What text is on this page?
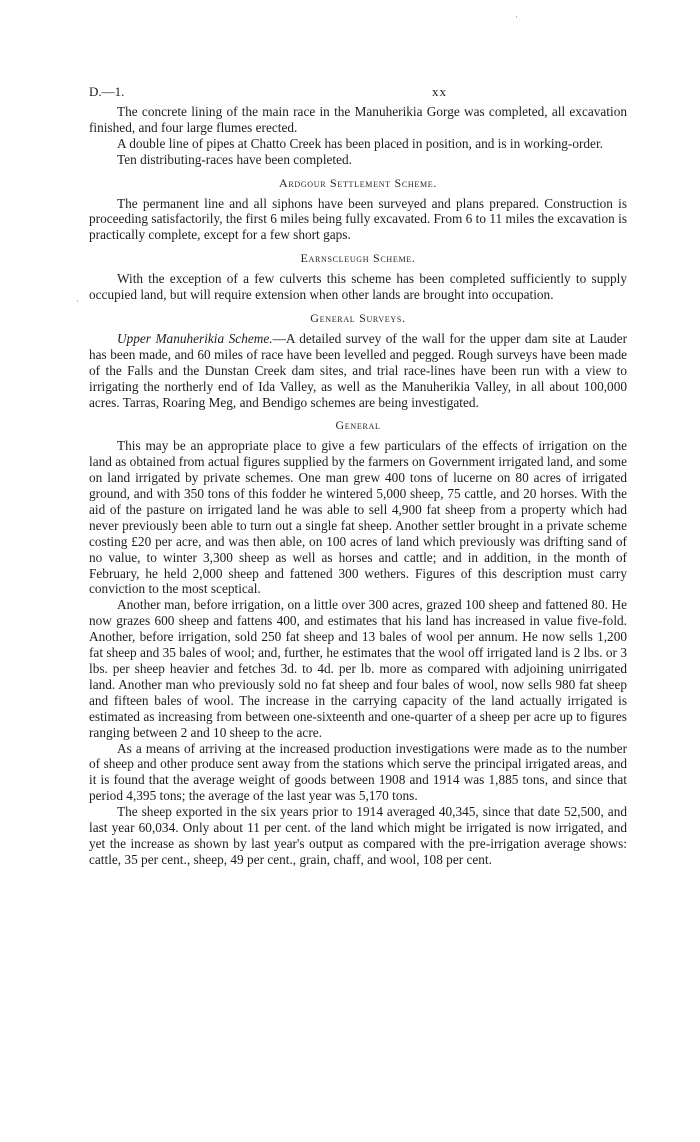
·
·
D.—1.	xx

The concrete lining of the main race in the Manuherikia Gorge was completed, all excavation finished, and four large flumes erected.

A double line of pipes at Chatto Creek has been placed in position, and is in working-order.

Ten distributing-races have been completed.

Ardgour Settlement Scheme.

The permanent line and all siphons have been surveyed and plans prepared. Construction is proceeding satisfactorily, the first 6 miles being fully excavated. From 6 to 11 miles the excavation is practically complete, except for a few short gaps.

Earnscleugh Scheme.

With the exception of a few culverts this scheme has been completed sufficiently to supply occupied land, but will require extension when other lands are brought into occupation.

General Surveys.

Upper Manuherikia Scheme.—A detailed survey of the wall for the upper dam site at Lauder has been made, and 60 miles of race have been levelled and pegged. Rough surveys have been made of the Falls and the Dunstan Creek dam sites, and trial race-lines have been run with a view to irrigating the northerly end of Ida Valley, as well as the Manuherikia Valley, in all about 100,000 acres. Tarras, Roaring Meg, and Bendigo schemes are being investigated.

General

This may be an appropriate place to give a few particulars of the effects of irrigation on the land as obtained from actual figures supplied by the farmers on Government irrigated land, and some on land irrigated by private schemes. One man grew 400 tons of lucerne on 80 acres of irrigated ground, and with 350 tons of this fodder he wintered 5,000 sheep, 75 cattle, and 20 horses. With the aid of the pasture on irrigated land he was able to sell 4,900 fat sheep from a property which had never previously been able to turn out a single fat sheep. Another settler brought in a private scheme costing £20 per acre, and was then able, on 100 acres of land which previously was drifting sand of no value, to winter 3,300 sheep as well as horses and cattle; and in addition, in the month of February, he held 2,000 sheep and fattened 300 wethers. Figures of this description must carry conviction to the most sceptical.

Another man, before irrigation, on a little over 300 acres, grazed 100 sheep and fattened 80. He now grazes 600 sheep and fattens 400, and estimates that his land has increased in value five-fold. Another, before irrigation, sold 250 fat sheep and 13 bales of wool per annum. He now sells 1,200 fat sheep and 35 bales of wool; and, further, he estimates that the wool off irrigated land is 2 lbs. or 3 lbs. per sheep heavier and fetches 3d. to 4d. per lb. more as compared with adjoining unirrigated land. Another man who previously sold no fat sheep and four bales of wool, now sells 980 fat sheep and fifteen bales of wool. The increase in the carrying capacity of the land actually irrigated is estimated as increasing from between one-sixteenth and one-quarter of a sheep per acre up to figures ranging between 2 and 10 sheep to the acre.

As a means of arriving at the increased production investigations were made as to the number of sheep and other produce sent away from the stations which serve the principal irrigated areas, and it is found that the average weight of goods between 1908 and 1914 was 1,885 tons, and since that period 4,395 tons; the average of the last year was 5,170 tons.

The sheep exported in the six years prior to 1914 averaged 40,345, since that date 52,500, and last year 60,034. Only about 11 per cent. of the land which might be irrigated is now irrigated, and yet the increase as shown by last year's output as compared with the pre-irrigation average shows: cattle, 35 per cent., sheep, 49 per cent., grain, chaff, and wool, 108 per cent.
